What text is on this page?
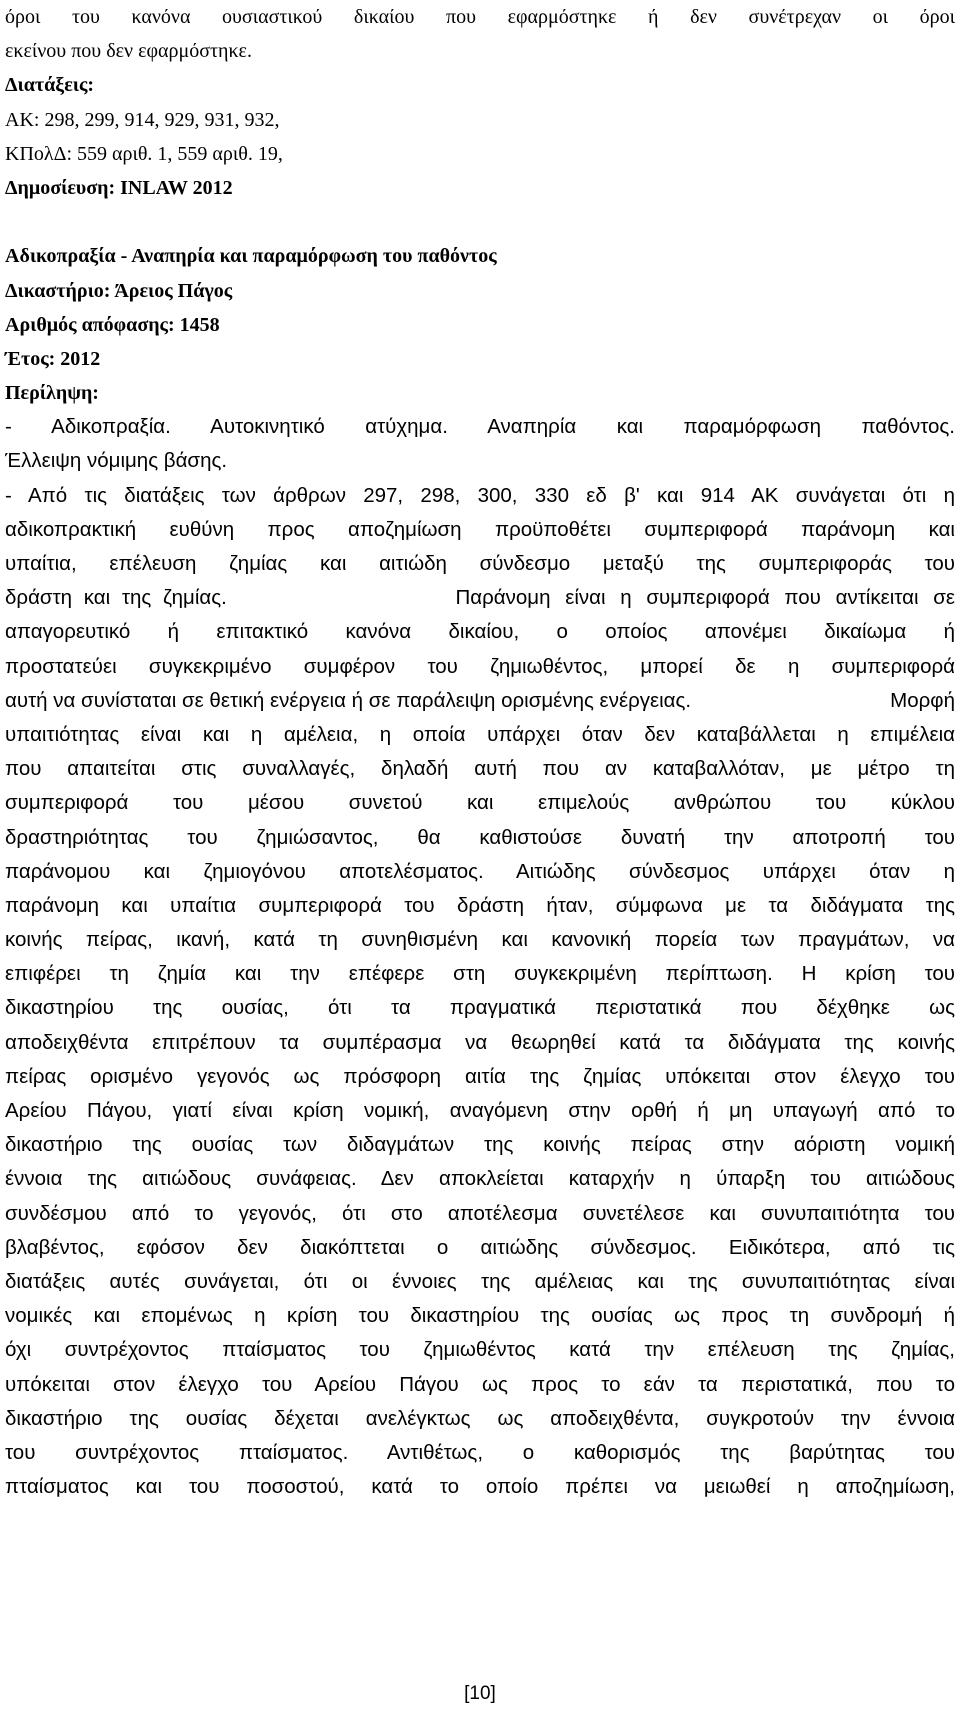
όροι του κανόνα ουσιαστικού δικαίου που εφαρμόστηκε ή δεν συνέτρεχαν οι όροι
εκείνου που δεν εφαρμόστηκε.
Διατάξεις:
ΑΚ: 298, 299, 914, 929, 931, 932,
ΚΠολΔ: 559 αριθ. 1, 559 αριθ. 19,
Δημοσίευση: INLAW 2012
Αδικοπραξία - Αναπηρία και παραμόρφωση του παθόντος
Δικαστήριο: Άρειος Πάγος
Αριθμός απόφασης: 1458
Έτος: 2012
Περίληψη:
- Αδικοπραξία. Αυτοκινητικό ατύχημα. Αναπηρία και παραμόρφωση παθόντος.
Έλλειψη νόμιμης βάσης.
- Από τις διατάξεις των άρθρων 297, 298, 300, 330 εδ β' και 914 ΑΚ συνάγεται ότι η
αδικοπρακτική ευθύνη προς αποζημίωση προϋποθέτει συμπεριφορά παράνομη και
υπαίτια, επέλευση ζημίας και αιτιώδη σύνδεσμο μεταξύ της συμπεριφοράς του
δράστη και της ζημίας.	Παράνομη είναι η συμπεριφορά που αντίκειται σε
απαγορευτικό ή επιτακτικό κανόνα δικαίου, ο οποίος απονέμει δικαίωμα ή
προστατεύει συγκεκριμένο συμφέρον του ζημιωθέντος, μπορεί δε η συμπεριφορά
αυτή να συνίσταται σε θετική ενέργεια ή σε παράλειψη ορισμένης ενέργειας.	Μορφή
υπαιτιότητας είναι και η αμέλεια, η οποία υπάρχει όταν δεν καταβάλλεται η επιμέλεια
που απαιτείται στις συναλλαγές, δηλαδή αυτή που αν καταβαλλόταν, με μέτρο τη
συμπεριφορά του μέσου συνετού και επιμελούς ανθρώπου του κύκλου
δραστηριότητας του ζημιώσαντος, θα καθιστούσε δυνατή την αποτροπή του
παράνομου και ζημιογόνου αποτελέσματος. Αιτιώδης σύνδεσμος υπάρχει όταν η
παράνομη και υπαίτια συμπεριφορά του δράστη ήταν, σύμφωνα με τα διδάγματα της
κοινής πείρας, ικανή, κατά τη συνηθισμένη και κανονική πορεία των πραγμάτων, να
επιφέρει τη ζημία και την επέφερε στη συγκεκριμένη περίπτωση. Η κρίση του
δικαστηρίου της ουσίας, ότι τα πραγματικά περιστατικά που δέχθηκε ως
αποδειχθέντα επιτρέπουν τα συμπέρασμα να θεωρηθεί κατά τα διδάγματα της κοινής
πείρας ορισμένο γεγονός ως πρόσφορη αιτία της ζημίας υπόκειται στον έλεγχο του
Αρείου Πάγου, γιατί είναι κρίση νομική, αναγόμενη στην ορθή ή μη υπαγωγή από το
δικαστήριο της ουσίας των διδαγμάτων της κοινής πείρας στην αόριστη νομική
έννοια της αιτιώδους συνάφειας. Δεν αποκλείεται καταρχήν η ύπαρξη του αιτιώδους
συνδέσμου από το γεγονός, ότι στο αποτέλεσμα συνετέλεσε και συνυπαιτιότητα του
βλαβέντος, εφόσον δεν διακόπτεται ο αιτιώδης σύνδεσμος. Ειδικότερα, από τις
διατάξεις αυτές συνάγεται, ότι οι έννοιες της αμέλειας και της συνυπαιτιότητας είναι
νομικές και επομένως η κρίση του δικαστηρίου της ουσίας ως προς τη συνδρομή ή
όχι συντρέχοντος πταίσματος του ζημιωθέντος κατά την επέλευση της ζημίας,
υπόκειται στον έλεγχο του Αρείου Πάγου ως προς το εάν τα περιστατικά, που το
δικαστήριο της ουσίας δέχεται ανελέγκτως ως αποδειχθέντα, συγκροτούν την έννοια
του συντρέχοντος πταίσματος. Αντιθέτως, ο καθορισμός της βαρύτητας του
πταίσματος και του ποσοστού, κατά το οποίο πρέπει να μειωθεί η αποζημίωση,
[10]
